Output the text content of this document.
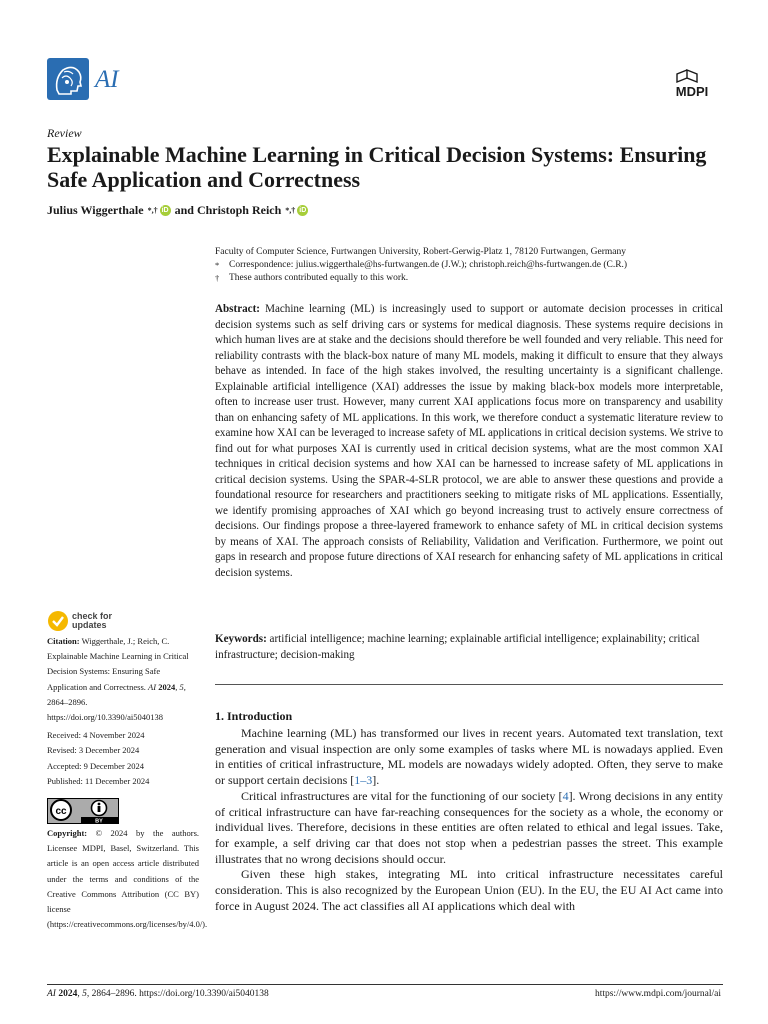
AI	MDPI
Review
Explainable Machine Learning in Critical Decision Systems: Ensuring Safe Application and Correctness
Julius Wiggerthale
*,† iD and
Christoph Reich
*,† iD
Faculty of Computer Science, Furtwangen University, Robert-Gerwig-Platz 1, 78120 Furtwangen, Germany
*	Correspondence: julius.wiggerthale@hs-furtwangen.de (J.W.); christoph.reich@hs-furtwangen.de (C.R.)
†	These authors contributed equally to this work.
Abstract: Machine learning (ML) is increasingly used to support or automate decision processes in critical decision systems such as self driving cars or systems for medical diagnosis. These systems require decisions in which human lives are at stake and the decisions should therefore be well founded and very reliable. This need for reliability contrasts with the black-box nature of many ML models, making it difficult to ensure that they always behave as intended. In face of the high stakes involved, the resulting uncertainty is a significant challenge. Explainable artificial intelligence (XAI) addresses the issue by making black-box models more interpretable, often to increase user trust. However, many current XAI applications focus more on transparency and usability than on enhancing safety of ML applications. In this work, we therefore conduct a systematic literature review to examine how XAI can be leveraged to increase safety of ML applications in critical decision systems. We strive to find out for what purposes XAI is currently used in critical decision systems, what are the most common XAI techniques in critical decision systems and how XAI can be harnessed to increase safety of ML applications in critical decision systems. Using the SPAR-4-SLR protocol, we are able to answer these questions and provide a foundational resource for researchers and practitioners seeking to mitigate risks of ML applications. Essentially, we identify promising approaches of XAI which go beyond increasing trust to actively ensure correctness of decisions. Our findings propose a three-layered framework to enhance safety of ML in critical decision systems by means of XAI. The approach consists of Reliability, Validation and Verification. Furthermore, we point out gaps in research and propose future directions of XAI research for enhancing safety of ML applications in critical decision systems.
Keywords: artificial intelligence; machine learning; explainable artificial intelligence; explainability; critical infrastructure; decision-making
1. Introduction

Machine learning (ML) has transformed our lives in recent years. Automated text translation, text generation and visual inspection are only some examples of tasks where ML is nowadays applied. Even in entities of critical infrastructure, ML models are nowadays widely adopted. Often, they serve to make or support certain decisions [1–3].

Critical infrastructures are vital for the functioning of our society [4]. Wrong decisions in any entity of critical infrastructure can have far-reaching consequences for the society as a whole, the economy or individual lives. Therefore, decisions in these entities are often related to ethical and legal issues. Take, for example, a self driving car that does not stop when a pedestrian passes the street. This example illustrates that no wrong decisions should occur.

Given these high stakes, integrating ML into critical infrastructure necessitates careful consideration. This is also recognized by the European Union (EU). In the EU, the EU AI Act came into force in August 2024. The act classifies all AI applications which deal with

check for
updates
Citation: Wiggerthale, J.; Reich, C. Explainable Machine Learning in Critical Decision Systems: Ensuring Safe Application and Correctness. AI 2024, 5, 2864–2896. https://doi.org/10.3390/ai5040138
Received: 4 November 2024
Revised: 3 December 2024
Accepted: 9 December 2024
Published: 11 December 2024
cc
BY
Copyright: © 2024 by the authors. Licensee MDPI, Basel, Switzerland. This article is an open access article distributed under the terms and conditions of the Creative Commons Attribution (CC BY) license (https://creativecommons.org/licenses/by/4.0/).
AI 2024, 5, 2864–2896. https://doi.org/10.3390/ai5040138	https://www.mdpi.com/journal/ai
